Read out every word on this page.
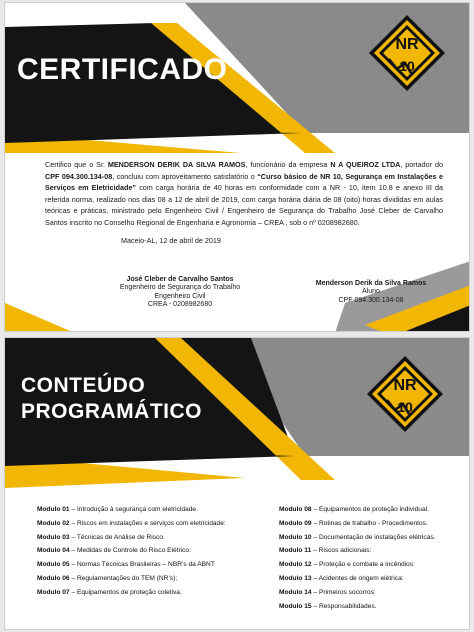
CERTIFICADO
NR
10
Certifico que o Sr. MENDERSON DERIK DA SILVA RAMOS, funcionário da empresa N A QUEIROZ LTDA, portador do CPF 094.300.134-08, concluiu com aproveitamento satisfatório o “Curso básico de NR 10, Segurança em Instalações e Serviços em Eletricidade” com carga horária de 40 horas em conformidade com a NR - 10, item 10.8 e anexo III da referida norma, realizado nos dias 08 a 12 de abril de 2019, com carga horária diária de 08 (oito) horas divididas em aulas teóricas e práticas, ministrado pelo Engenheiro Civil / Engenheiro de Segurança do Trabalho José Cleber de Carvalho Santos inscrito no Conselho Regional de Engenharia e Agronomia – CREA , sob o nº 0208982680.
Maceio-AL, 12 de abril de 2019
José Cleber de Carvalho Santos
Engenheiro de Segurança do Trabalho
Engenheiro Civil
CREA - 0208982680
Menderson Derik da Silva Ramos
Aluno
CPF 094.300.134-08
CONTEÚDO
PROGRAMÁTICO
NR
10
Modulo 01 – Introdução à segurança com eletricidade.
Modulo 02 – Riscos em instalações e serviços com eletricidade:
Modulo 03 – Técnicas de Análise de Risco.
Modulo 04 – Medidas de Controle do Risco Elétrico:
Modulo 05 – Normas Técnicas Brasileiras – NBR’s da ABNT
Modulo 06 – Regulamentações do TEM (NR’s);
Modulo 07 – Equipamentos de proteção coletiva.
Modulo 08 – Equipamentos de proteção individual.
Modulo 09 – Rotinas de trabalho - Procedimentos.
Modulo 10 – Documentação de instalações elétricas.
Modulo 11 – Riscos adicionais:
Modulo 12 – Proteção e combate a incêndios:
Modulo 13 – Acidentes de origem elétrica:
Modulo 14 – Primeiros socorros:
Modulo 15 – Responsabilidades.
